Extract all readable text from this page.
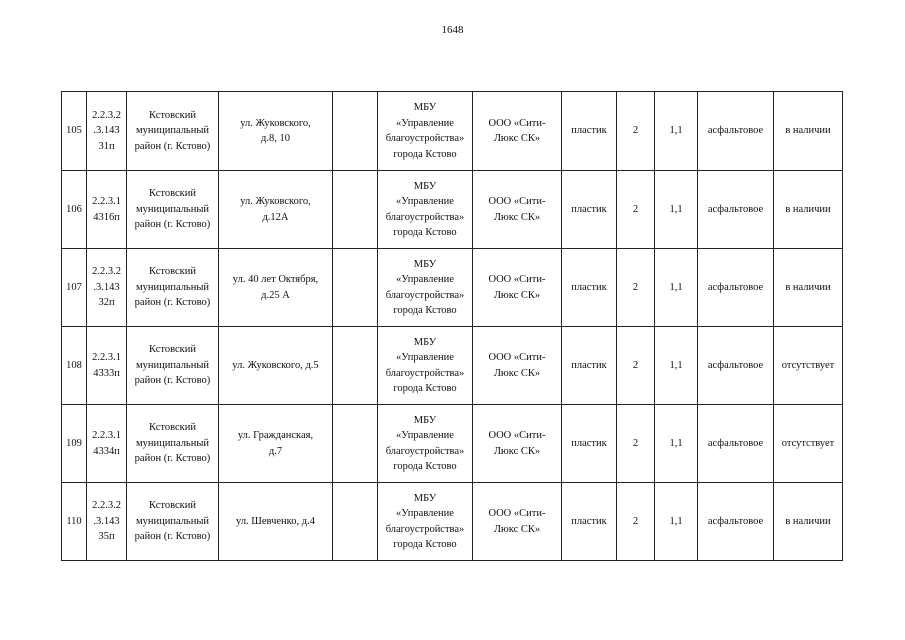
1648
105	2.2.3.2
.3.143
31п	Кстовский
муниципальный
район (г. Кстово)	ул. Жуковского,
д.8, 10		МБУ
«Управление
благоустройства»
города Кстово	ООО «Сити-
Люкс СК»	пластик	2	1,1	асфальтовое	в наличии
106	2.2.3.1
4316п	Кстовский
муниципальный
район (г. Кстово)	ул. Жуковского,
д.12А		МБУ
«Управление
благоустройства»
города Кстово	ООО «Сити-
Люкс СК»	пластик	2	1,1	асфальтовое	в наличии
107	2.2.3.2
.3.143
32п	Кстовский
муниципальный
район (г. Кстово)	ул. 40 лет Октября,
д.25 А		МБУ
«Управление
благоустройства»
города Кстово	ООО «Сити-
Люкс СК»	пластик	2	1,1	асфальтовое	в наличии
108	2.2.3.1
4333п	Кстовский
муниципальный
район (г. Кстово)	ул. Жуковского, д.5		МБУ
«Управление
благоустройства»
города Кстово	ООО «Сити-
Люкс СК»	пластик	2	1,1	асфальтовое	отсутствует
109	2.2.3.1
4334п	Кстовский
муниципальный
район (г. Кстово)	ул. Гражданская,
д.7		МБУ
«Управление
благоустройства»
города Кстово	ООО «Сити-
Люкс СК»	пластик	2	1,1	асфальтовое	отсутствует
110	2.2.3.2
.3.143
35п	Кстовский
муниципальный
район (г. Кстово)	ул. Шевченко, д.4		МБУ
«Управление
благоустройства»
города Кстово	ООО «Сити-
Люкс СК»	пластик	2	1,1	асфальтовое	в наличии
